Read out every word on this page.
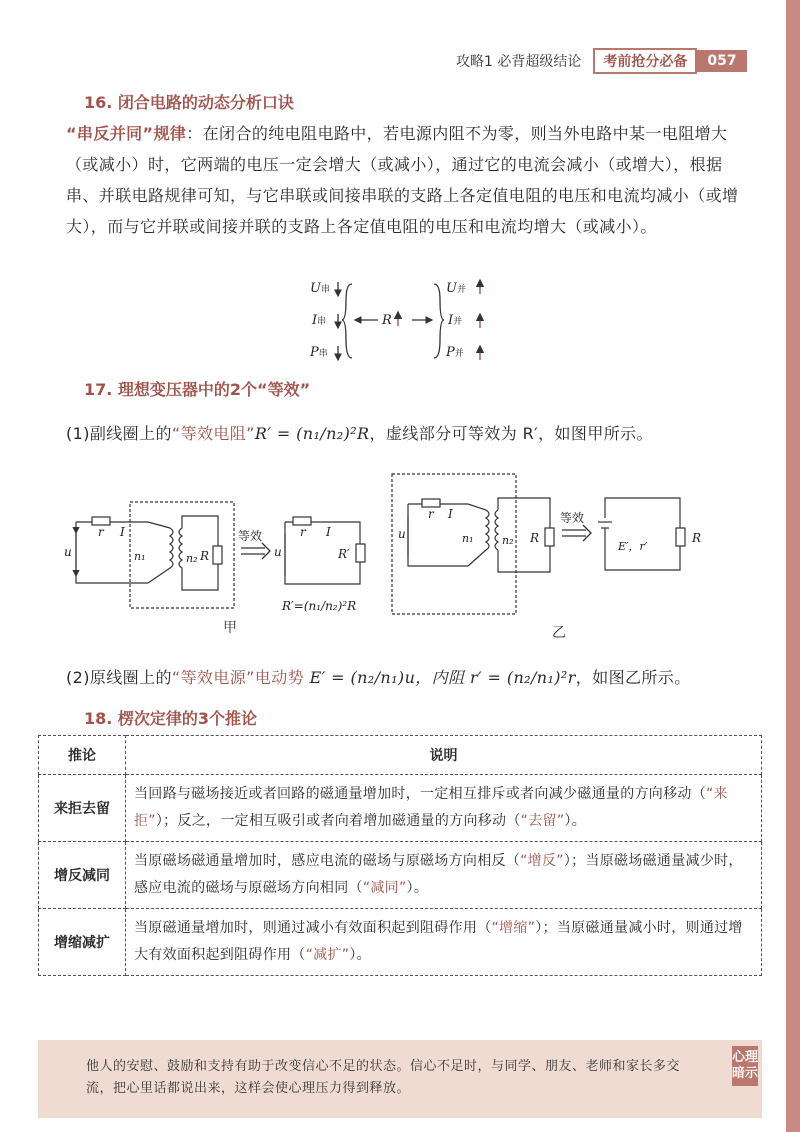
攻略1 必背超级结论	考前抢分必备	057
16. 闭合电路的动态分析口诀
“串反并同”规律：在闭合的纯电阻电路中，若电源内阻不为零，则当外电路中某一电阻增大（或减小）时，它两端的电压一定会增大（或减小），通过它的电流会减小（或增大），根据串、并联电路规律可知，与它串联或间接串联的支路上各定值电阻的电压和电流均减小（或增大），而与它并联或间接并联的支路上各定值电阻的电压和电流均增大（或减小）。
U串
I串
P串
R
U并
I并
P并
17. 理想变压器中的2个“等效”
(1)副线圈上的“等效电阻”R′ = (n₁/n₂)²R，虚线部分可等效为 R′，如图甲所示。
r I
u	n₁	n₂ R
r I
u	R′
R′=(n₁/n₂)²R
等效
甲
r I
u	n₁	n₂ R
E′，r′
R
等效
乙
(2)原线圈上的“等效电源”电动势 E′ = (n₂/n₁)u，内阻 r′ = (n₂/n₁)²r，如图乙所示。
18. 楞次定律的3个推论
推论	说明
来拒去留	当回路与磁场接近或者回路的磁通量增加时，一定相互排斥或者向减少磁通量的方向移动（“来拒”）；反之，一定相互吸引或者向着增加磁通量的方向移动（“去留”）。
增反减同	当原磁场磁通量增加时，感应电流的磁场与原磁场方向相反（“增反”）；当原磁场磁通量减少时，感应电流的磁场与原磁场方向相同（“减同”）。
增缩减扩	当原磁通量增加时，则通过减小有效面积起到阻碍作用（“增缩”）；当原磁通量减小时，则通过增大有效面积起到阻碍作用（“减扩”）。
他人的安慰、鼓励和支持有助于改变信心不足的状态。信心不足时，与同学、朋友、老师和家长多交流，把心里话都说出来，这样会使心理压力得到释放。
心理暗示
